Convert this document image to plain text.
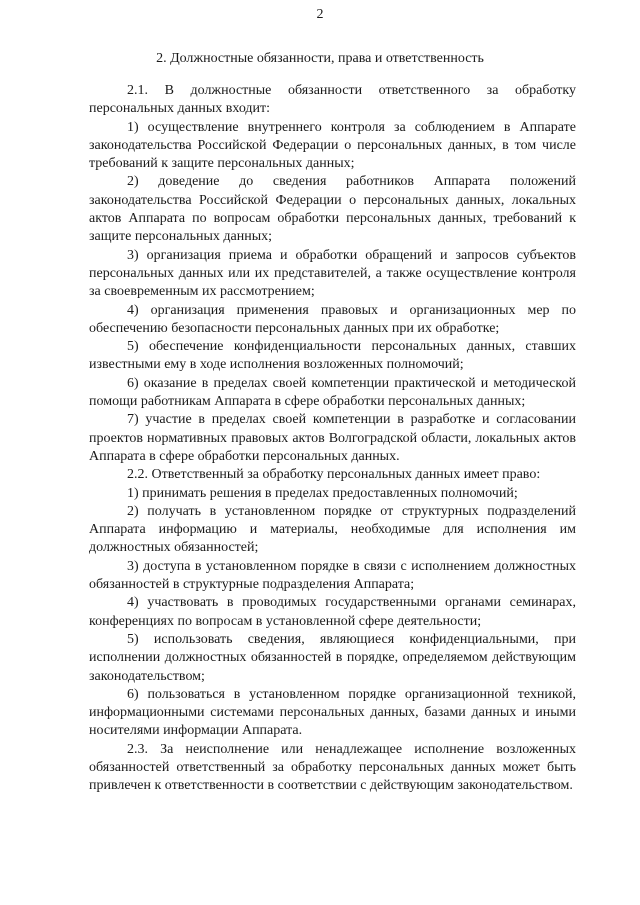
2
2. Должностные обязанности, права и ответственность

2.1. В должностные обязанности ответственного за обработку персональных данных входит:

1) осуществление внутреннего контроля за соблюдением в Аппарате законодательства Российской Федерации о персональных данных, в том числе требований к защите персональных данных;

2) доведение до сведения работников Аппарата положений законодательства Российской Федерации о персональных данных, локальных актов Аппарата по вопросам обработки персональных данных, требований к защите персональных данных;

3) организация приема и обработки обращений и запросов субъектов персональных данных или их представителей, а также осуществление контроля за своевременным их рассмотрением;

4) организация применения правовых и организационных мер по обеспечению безопасности персональных данных при их обработке;

5) обеспечение конфиденциальности персональных данных, ставших известными ему в ходе исполнения возложенных полномочий;

6) оказание в пределах своей компетенции практической и методической помощи работникам Аппарата в сфере обработки персональных данных;

7) участие в пределах своей компетенции в разработке и согласовании проектов нормативных правовых актов Волгоградской области, локальных актов Аппарата в сфере обработки персональных данных.

2.2. Ответственный за обработку персональных данных имеет право:

1) принимать решения в пределах предоставленных полномочий;

2) получать в установленном порядке от структурных подразделений Аппарата информацию и материалы, необходимые для исполнения им должностных обязанностей;

3) доступа в установленном порядке в связи с исполнением должностных обязанностей в структурные подразделения Аппарата;

4) участвовать в проводимых государственными органами семинарах, конференциях по вопросам в установленной сфере деятельности;

5) использовать сведения, являющиеся конфиденциальными, при исполнении должностных обязанностей в порядке, определяемом действующим законодательством;

6) пользоваться в установленном порядке организационной техникой, информационными системами персональных данных, базами данных и иными носителями информации Аппарата.

2.3. За неисполнение или ненадлежащее исполнение возложенных обязанностей ответственный за обработку персональных данных может быть привлечен к ответственности в соответствии с действующим законодательством.
